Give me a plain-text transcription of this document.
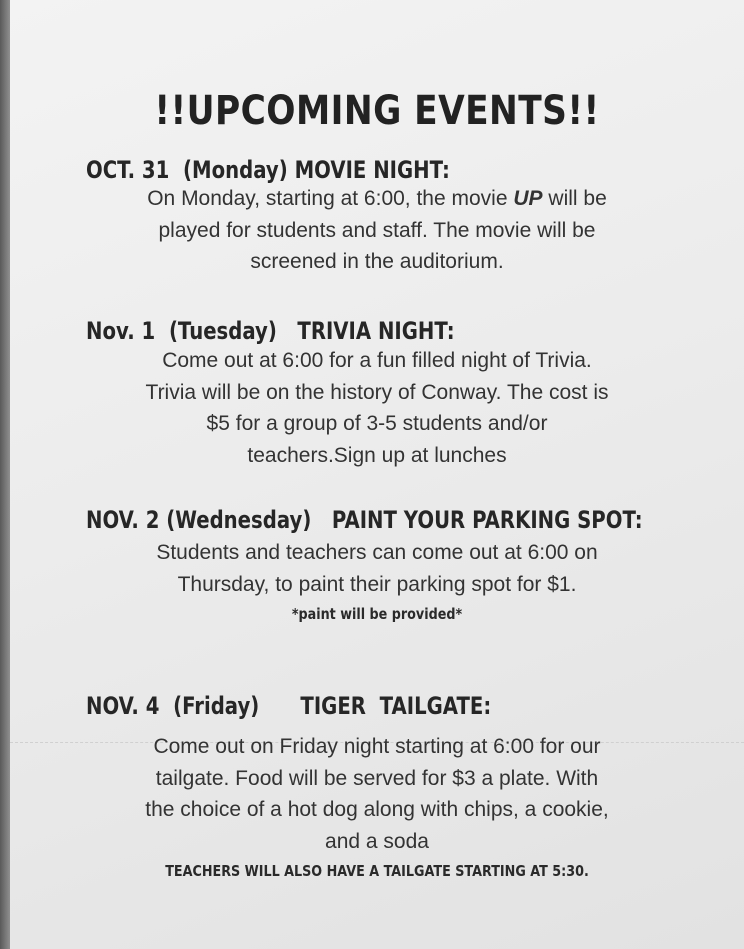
!!UPCOMING EVENTS!!
OCT. 31  (Monday) MOVIE NIGHT:

On Monday, starting at 6:00, the movie UP will be

played for students and staff. The movie will be

screened in the auditorium.

Nov. 1  (Tuesday)   TRIVIA NIGHT:

Come out at 6:00 for a fun filled night of Trivia.

Trivia will be on the history of Conway. The cost is

$5 for a group of 3-5 students and/or

teachers.Sign up at lunches

NOV. 2 (Wednesday)   PAINT YOUR PARKING SPOT:

Students and teachers can come out at 6:00 on

Thursday, to paint their parking spot for $1.

*paint will be provided*
NOV. 4  (Friday)      TIGER  TAILGATE:

Come out on Friday night starting at 6:00 for our

tailgate. Food will be served for $3 a plate. With

the choice of a hot dog along with chips, a cookie,

and a soda

TEACHERS WILL ALSO HAVE A TAILGATE STARTING AT 5:30.
